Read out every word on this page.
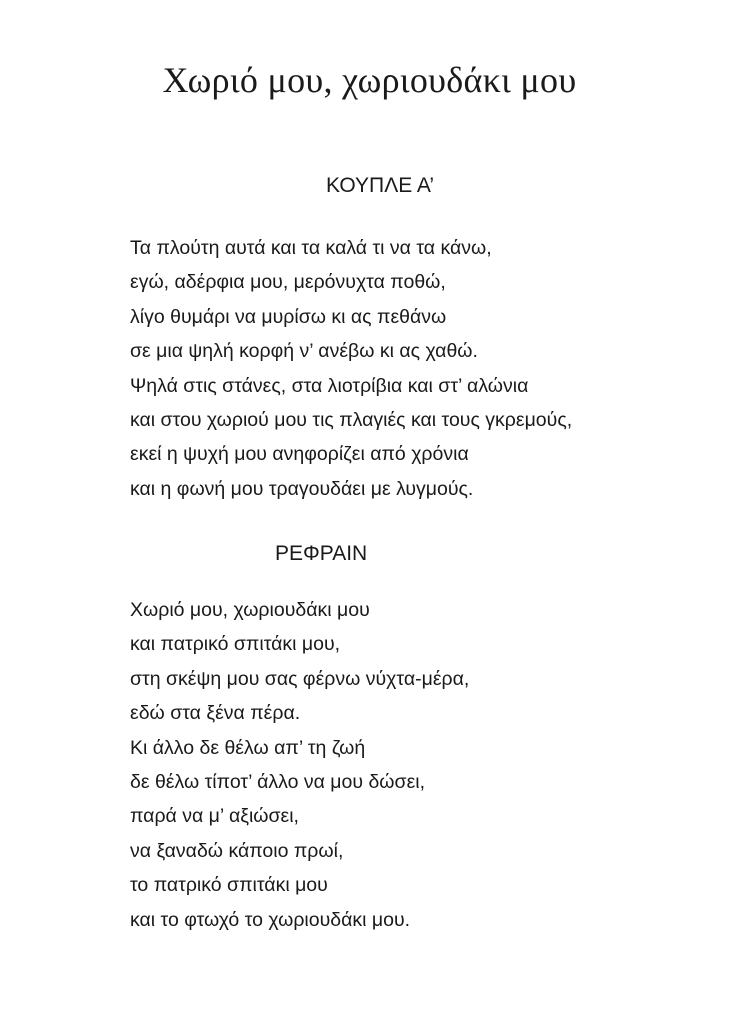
Χωριό μου, χωριουδάκι μου
ΚΟΥΠΛΕ Α’
Τα πλούτη αυτά και τα καλά τι να τα κάνω,
εγώ, αδέρφια μου, μερόνυχτα ποθώ,
λίγο θυμάρι να μυρίσω κι ας πεθάνω
σε μια ψηλή κορφή ν’ ανέβω κι ας χαθώ.
Ψηλά στις στάνες, στα λιοτρίβια και στ’ αλώνια
και στου χωριού μου τις πλαγιές και τους γκρεμούς,
εκεί η ψυχή μου ανηφορίζει από χρόνια
και η φωνή μου τραγουδάει με λυγμούς.
ΡΕΦΡΑΙΝ
Χωριό μου, χωριουδάκι μου
και πατρικό σπιτάκι μου,
στη σκέψη μου σας φέρνω νύχτα-μέρα,
εδώ στα ξένα πέρα.
Κι άλλο δε θέλω απ’ τη ζωή
δε θέλω τίποτ’ άλλο να μου δώσει,
παρά να μ’ αξιώσει,
να ξαναδώ κάποιο πρωί,
το πατρικό σπιτάκι μου
και το φτωχό το χωριουδάκι μου.
